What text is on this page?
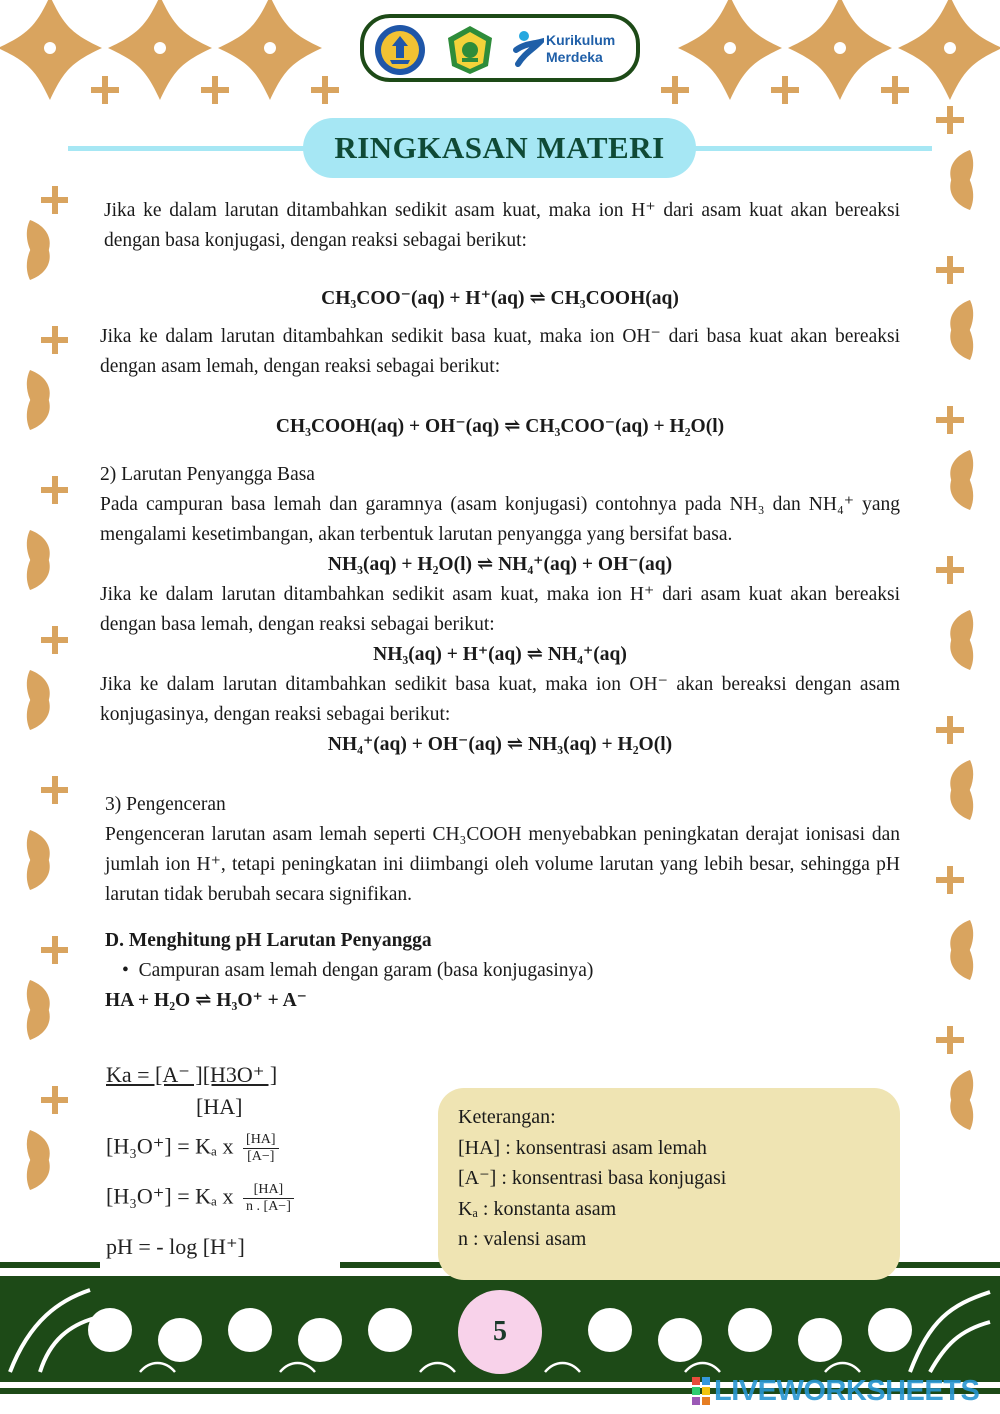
Kurikulum
Merdeka
RINGKASAN MATERI

Jika ke dalam larutan ditambahkan sedikit asam kuat, maka ion H⁺ dari asam kuat akan bereaksi dengan basa konjugasi, dengan reaksi sebagai berikut:

CH₃COO⁻(aq) + H⁺(aq) ⇌ CH₃COOH(aq)

Jika ke dalam larutan ditambahkan sedikit basa kuat, maka ion OH⁻ dari basa kuat akan bereaksi dengan asam lemah, dengan reaksi sebagai berikut:

CH₃COOH(aq) + OH⁻(aq) ⇌ CH₃COO⁻(aq) + H₂O(l)

2) Larutan Penyangga Basa

Pada campuran basa lemah dan garamnya (asam konjugasi) contohnya pada NH₃ dan NH₄⁺ yang mengalami kesetimbangan, akan terbentuk larutan penyangga yang bersifat basa.

NH₃(aq) + H₂O(l) ⇌ NH₄⁺(aq) + OH⁻(aq)

Jika ke dalam larutan ditambahkan sedikit asam kuat, maka ion H⁺ dari asam kuat akan bereaksi dengan basa lemah, dengan reaksi sebagai berikut:

NH₃(aq) + H⁺(aq) ⇌ NH₄⁺(aq)

Jika ke dalam larutan ditambahkan sedikit basa kuat, maka ion OH⁻ akan bereaksi dengan asam konjugasinya, dengan reaksi sebagai berikut:

NH₄⁺(aq) + OH⁻(aq) ⇌ NH₃(aq) + H₂O(l)

3) Pengenceran

Pengenceran larutan asam lemah seperti CH₃COOH menyebabkan peningkatan derajat ionisasi dan jumlah ion H⁺, tetapi peningkatan ini diimbangi oleh volume larutan yang lebih besar, sehingga pH larutan tidak berubah secara signifikan.

D. Menghitung pH Larutan Penyangga

•  Campuran asam lemah dengan garam (basa konjugasinya)

HA + H₂O ⇌ H₃O⁺ + A⁻

Ka = [A⁻ ][H3O⁺ ]
[HA]
[H₃O⁺] = Kₐ x $\frac{[HA]}{[A-]}$
[H₃O⁺] = Kₐ x $\frac{[HA]}{n . [A-]}$
pH = - log [H⁺]
Keterangan:
[HA] : konsentrasi asam lemah
[A⁻] : konsentrasi basa konjugasi
Kₐ : konstanta asam
n : valensi asam
5
LIVEWORKSHEETS
